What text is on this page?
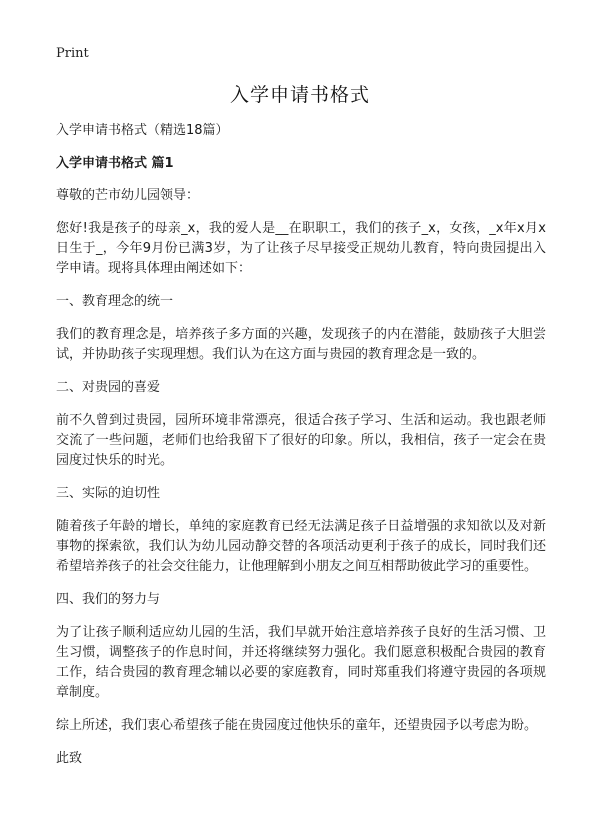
Print
入学申请书格式

入学申请书格式（精选18篇）

入学申请书格式 篇1

尊敬的芒市幼儿园领导：

您好!我是孩子的母亲_x，我的爱人是__在职职工，我们的孩子_x，女孩，_x年x月x日生于_，今年9月份已满3岁，为了让孩子尽早接受正规幼儿教育，特向贵园提出入学申请。现将具体理由阐述如下：

一、教育理念的统一

我们的教育理念是，培养孩子多方面的兴趣，发现孩子的内在潜能，鼓励孩子大胆尝试，并协助孩子实现理想。我们认为在这方面与贵园的教育理念是一致的。

二、对贵园的喜爱

前不久曾到过贵园，园所环境非常漂亮，很适合孩子学习、生活和运动。我也跟老师交流了一些问题，老师们也给我留下了很好的印象。所以，我相信，孩子一定会在贵园度过快乐的时光。

三、实际的迫切性

随着孩子年龄的增长，单纯的家庭教育已经无法满足孩子日益增强的求知欲以及对新事物的探索欲，我们认为幼儿园动静交替的各项活动更利于孩子的成长，同时我们还希望培养孩子的社会交往能力，让他理解到小朋友之间互相帮助彼此学习的重要性。

四、我们的努力与

为了让孩子顺利适应幼儿园的生活，我们早就开始注意培养孩子良好的生活习惯、卫生习惯，调整孩子的作息时间，并还将继续努力强化。我们愿意积极配合贵园的教育工作，结合贵园的教育理念辅以必要的家庭教育，同时郑重我们将遵守贵园的各项规章制度。

综上所述，我们衷心希望孩子能在贵园度过他快乐的童年，还望贵园予以考虑为盼。

此致
